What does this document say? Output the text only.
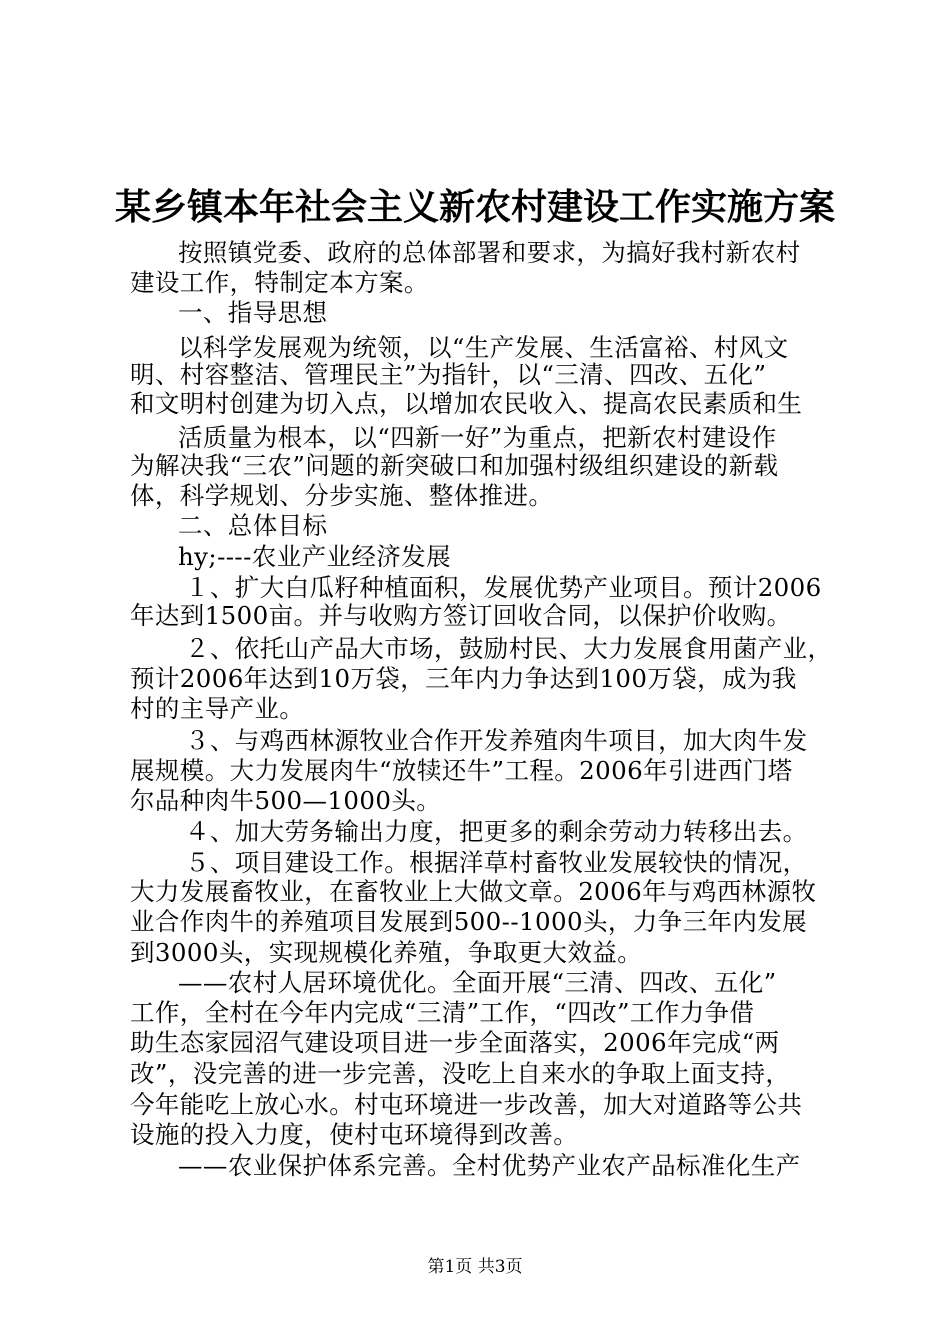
某乡镇本年社会主义新农村建设工作实施方案
按照镇党委、政府的总体部署和要求，为搞好我村新农村
建设工作，特制定本方案。
一、指导思想
以科学发展观为统领，以“生产发展、生活富裕、村风文
明、村容整洁、管理民主”为指针，以“三清、四改、五化”
和文明村创建为切入点，以增加农民收入、提高农民素质和生
活质量为根本，以“四新一好”为重点，把新农村建设作
为解决我“三农”问题的新突破口和加强村级组织建设的新载
体，科学规划、分步实施、整体推进。
二、总体目标
hy;----农业产业经济发展
１、扩大白瓜籽种植面积，发展优势产业项目。预计2006
年达到1500亩。并与收购方签订回收合同，以保护价收购。
２、依托山产品大市场，鼓励村民、大力发展食用菌产业，
预计2006年达到10万袋，三年内力争达到100万袋，成为我
村的主导产业。
３、与鸡西林源牧业合作开发养殖肉牛项目，加大肉牛发
展规模。大力发展肉牛“放犊还牛”工程。2006年引进西门塔
尔品种肉牛500—1000头。
４、加大劳务输出力度，把更多的剩余劳动力转移出去。
５、项目建设工作。根据洋草村畜牧业发展较快的情况，
大力发展畜牧业，在畜牧业上大做文章。2006年与鸡西林源牧
业合作肉牛的养殖项目发展到500--1000头，力争三年内发展
到3000头，实现规模化养殖，争取更大效益。
——农村人居环境优化。全面开展“三清、四改、五化”
工作，全村在今年内完成“三清”工作，“四改”工作力争借
助生态家园沼气建设项目进一步全面落实，2006年完成“两
改”，没完善的进一步完善，没吃上自来水的争取上面支持，
今年能吃上放心水。村屯环境进一步改善，加大对道路等公共
设施的投入力度，使村屯环境得到改善。
——农业保护体系完善。全村优势产业农产品标准化生产
第1页 共3页
